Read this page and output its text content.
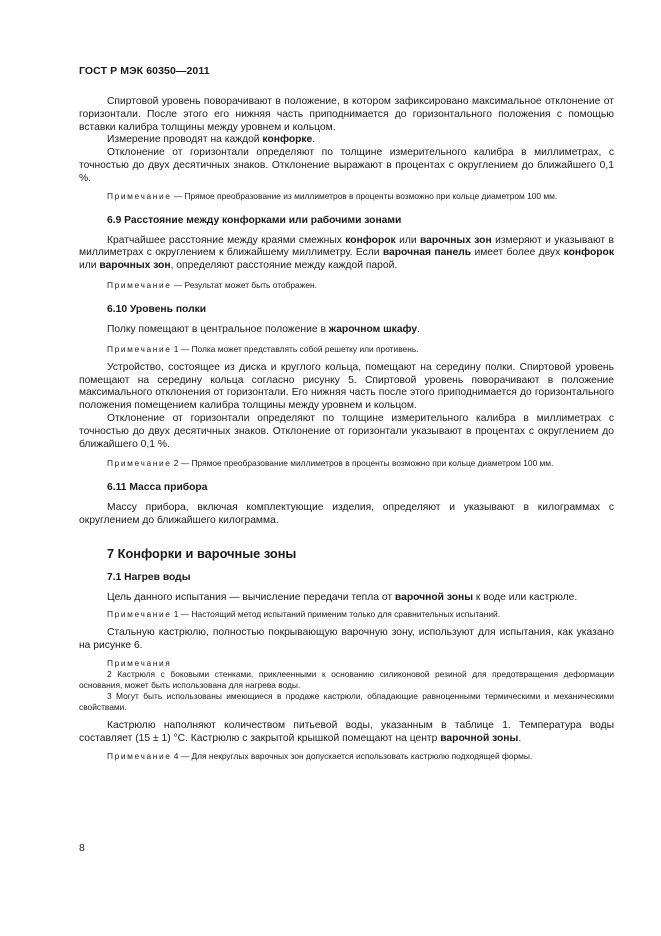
ГОСТ Р МЭК 60350—2011

Спиртовой уровень поворачивают в положение, в котором зафиксировано максимальное отклонение от горизонтали. После этого его нижняя часть приподнимается до горизонтального положения с помощью вставки калибра толщины между уровнем и кольцом.

Измерение проводят на каждой конфорке.

Отклонение от горизонтали определяют по толщине измерительного калибра в миллиметрах, с точностью до двух десятичных знаков. Отклонение выражают в процентах с округлением до ближайшего 0,1 %.

Примечание — Прямое преобразование из миллиметров в проценты возможно при кольце диаметром 100 мм.
6.9 Расстояние между конфорками или рабочими зонами

Кратчайшее расстояние между краями смежных конфорок или варочных зон измеряют и указывают в миллиметрах с округлением к ближайшему миллиметру. Если варочная панель имеет более двух конфорок или варочных зон, определяют расстояние между каждой парой.

Примечание — Результат может быть отображен.
6.10 Уровень полки

Полку помещают в центральное положение в жарочном шкафу.

Примечание 1 — Полка может представлять собой решетку или противень.

Устройство, состоящее из диска и круглого кольца, помещают на середину полки. Спиртовой уровень помещают на середину кольца согласно рисунку 5. Спиртовой уровень поворачивают в положение максимального отклонения от горизонтали. Его нижняя часть после этого приподнимается до горизонтального положения помещением калибра толщины между уровнем и кольцом.

Отклонение от горизонтали определяют по толщине измерительного калибра в миллиметрах с точностью до двух десятичных знаков. Отклонение от горизонтали указывают в процентах с округлением до ближайшего 0,1 %.

Примечание 2 — Прямое преобразование миллиметров в проценты возможно при кольце диаметром 100 мм.
6.11 Масса прибора

Массу прибора, включая комплектующие изделия, определяют и указывают в килограммах с округлением до ближайшего килограмма.

7 Конфорки и варочные зоны
7.1 Нагрев воды

Цель данного испытания — вычисление передачи тепла от варочной зоны к воде или кастрюле.

Примечание 1 — Настоящий метод испытаний применим только для сравнительных испытаний.

Стальную кастрюлю, полностью покрывающую варочную зону, используют для испытания, как указано на рисунке 6.

Примечания
2 Кастрюля с боковыми стенками, приклеенными к основанию силиконовой резиной для предотвращения деформации основания, может быть использована для нагрева воды.
3 Могут быть использованы имеющиеся в продаже кастрюли, обладающие равноценными термическими и механическими свойствами.

Кастрюлю наполняют количеством питьевой воды, указанным в таблице 1. Температура воды составляет (15 ± 1) °С. Кастрюлю с закрытой крышкой помещают на центр варочной зоны.

Примечание 4 — Для некруглых варочных зон допускается использовать кастрюлю подходящей формы.
8
